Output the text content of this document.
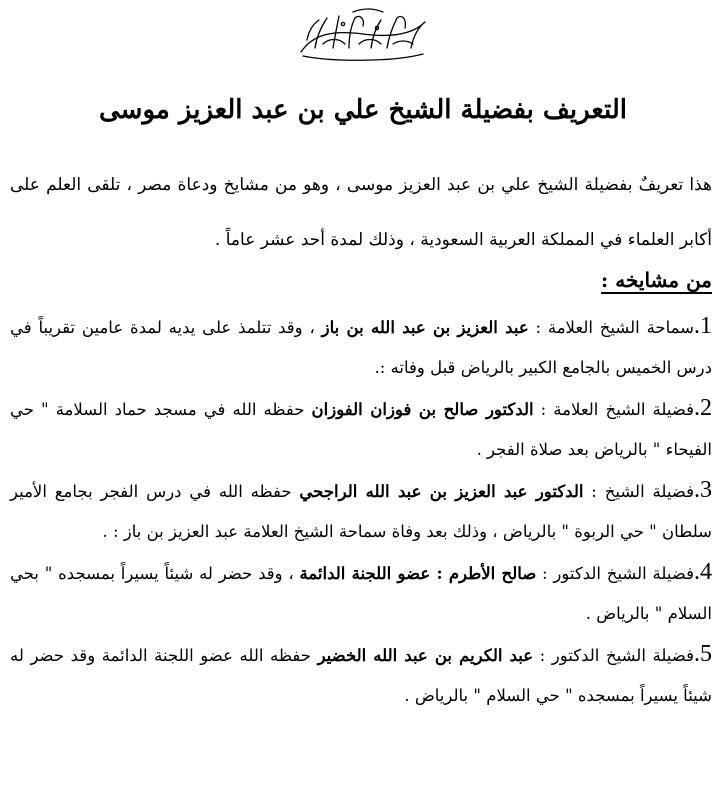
التعريف بفضيلة الشيخ علي بن عبد العزيز موسى

هذا تعريفٌ بفضيلة الشيخ علي بن عبد العزيز موسى ، وهو من مشايخ ودعاة مصر ، تلقى العلم على أكابر العلماء في المملكة العربية السعودية ، وذلك لمدة أحد عشر عاماً .

من مشايخه :
1.سماحة الشيخ العلامة : عبد العزيز بن عبد الله بن باز ، وقد تتلمذ على يديه لمدة عامين تقريباً في درس الخميس بالجامع الكبير بالرياض قبل وفاته :.
2.فضيلة الشيخ العلامة : الدكتور صالح بن فوزان الفوزان حفظه الله في مسجد حماد السلامة " حي الفيحاء " بالرياض بعد صلاة الفجر .
3.فضيلة الشيخ : الدكتور عبد العزيز بن عبد الله الراجحي حفظه الله في درس الفجر بجامع الأمير سلطان " حي الربوة " بالرياض ، وذلك بعد وفاة سماحة الشيخ العلامة عبد العزيز بن باز : .
4.فضيلة الشيخ الدكتور : صالح الأطرم : عضو اللجنة الدائمة ، وقد حضر له شيئاً يسيراً بمسجده " بحي السلام " بالرياض .
5.فضيلة الشيخ الدكتور : عبد الكريم بن عبد الله الخضير حفظه الله عضو اللجنة الدائمة وقد حضر له شيئاً يسيراً بمسجده " حي السلام " بالرياض .
